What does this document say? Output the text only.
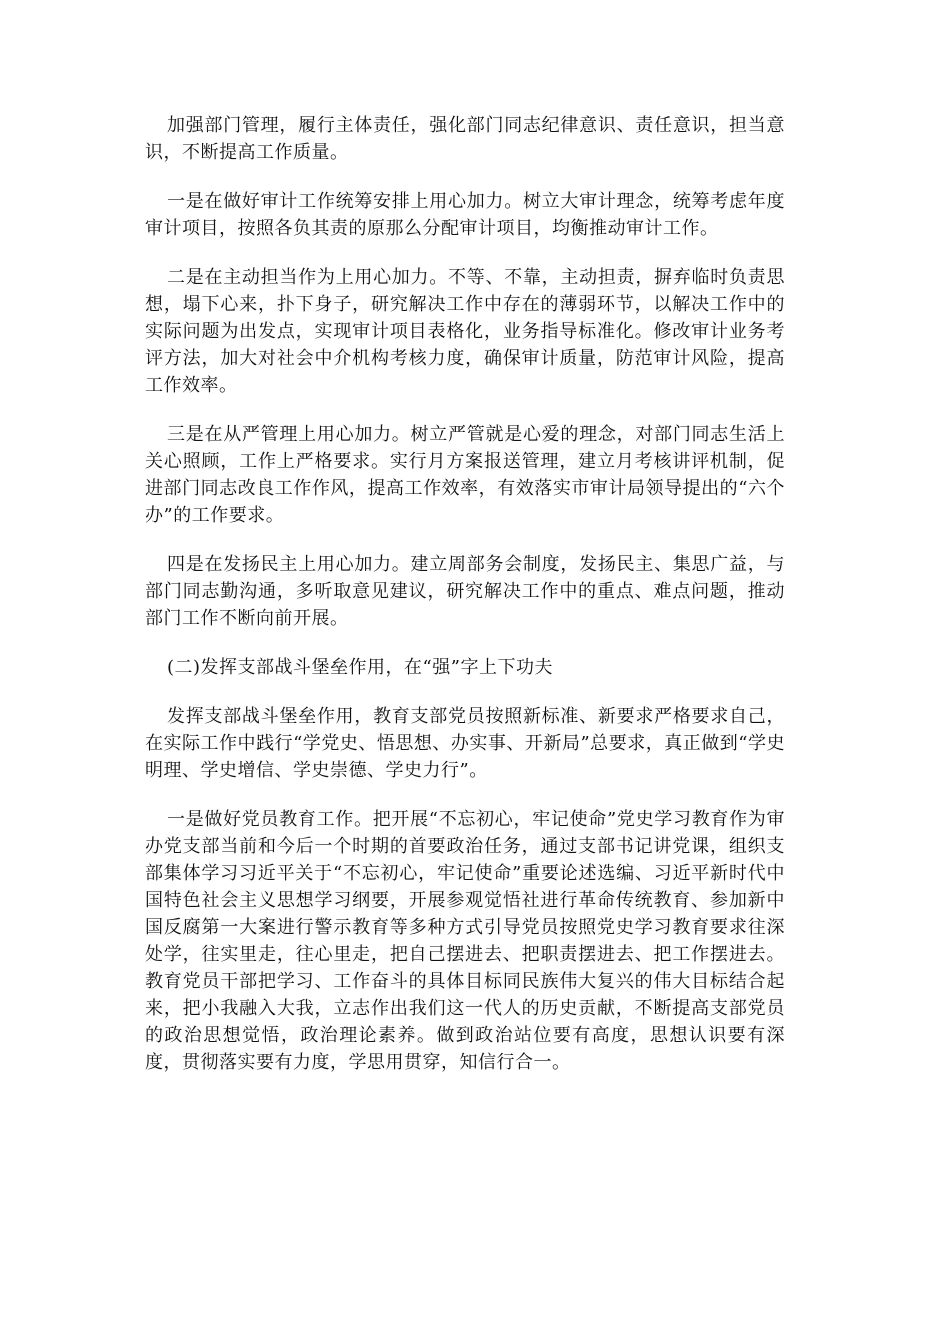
加强部门管理，履行主体责任，强化部门同志纪律意识、责任意识，担当意识，不断提高工作质量。

一是在做好审计工作统筹安排上用心加力。树立大审计理念，统筹考虑年度审计项目，按照各负其责的原那么分配审计项目，均衡推动审计工作。

二是在主动担当作为上用心加力。不等、不靠，主动担责，摒弃临时负责思想，塌下心来，扑下身子，研究解决工作中存在的薄弱环节，以解决工作中的实际问题为出发点，实现审计项目表格化，业务指导标准化。修改审计业务考评方法，加大对社会中介机构考核力度，确保审计质量，防范审计风险，提高工作效率。

三是在从严管理上用心加力。树立严管就是心爱的理念，对部门同志生活上关心照顾，工作上严格要求。实行月方案报送管理，建立月考核讲评机制，促进部门同志改良工作作风，提高工作效率，有效落实市审计局领导提出的“六个办”的工作要求。

四是在发扬民主上用心加力。建立周部务会制度，发扬民主、集思广益，与部门同志勤沟通，多听取意见建议，研究解决工作中的重点、难点问题，推动部门工作不断向前开展。

(二)发挥支部战斗堡垒作用，在“强”字上下功夫

发挥支部战斗堡垒作用，教育支部党员按照新标准、新要求严格要求自己，在实际工作中践行“学党史、悟思想、办实事、开新局”总要求，真正做到“学史明理、学史增信、学史崇德、学史力行”。

一是做好党员教育工作。把开展“不忘初心，牢记使命”党史学习教育作为审办党支部当前和今后一个时期的首要政治任务，通过支部书记讲党课，组织支部集体学习习近平关于“不忘初心，牢记使命”重要论述选编、习近平新时代中国特色社会主义思想学习纲要，开展参观觉悟社进行革命传统教育、参加新中国反腐第一大案进行警示教育等多种方式引导党员按照党史学习教育要求往深处学，往实里走，往心里走，把自己摆进去、把职责摆进去、把工作摆进去。教育党员干部把学习、工作奋斗的具体目标同民族伟大复兴的伟大目标结合起来，把小我融入大我，立志作出我们这一代人的历史贡献，不断提高支部党员的政治思想觉悟，政治理论素养。做到政治站位要有高度，思想认识要有深度，贯彻落实要有力度，学思用贯穿，知信行合一。
